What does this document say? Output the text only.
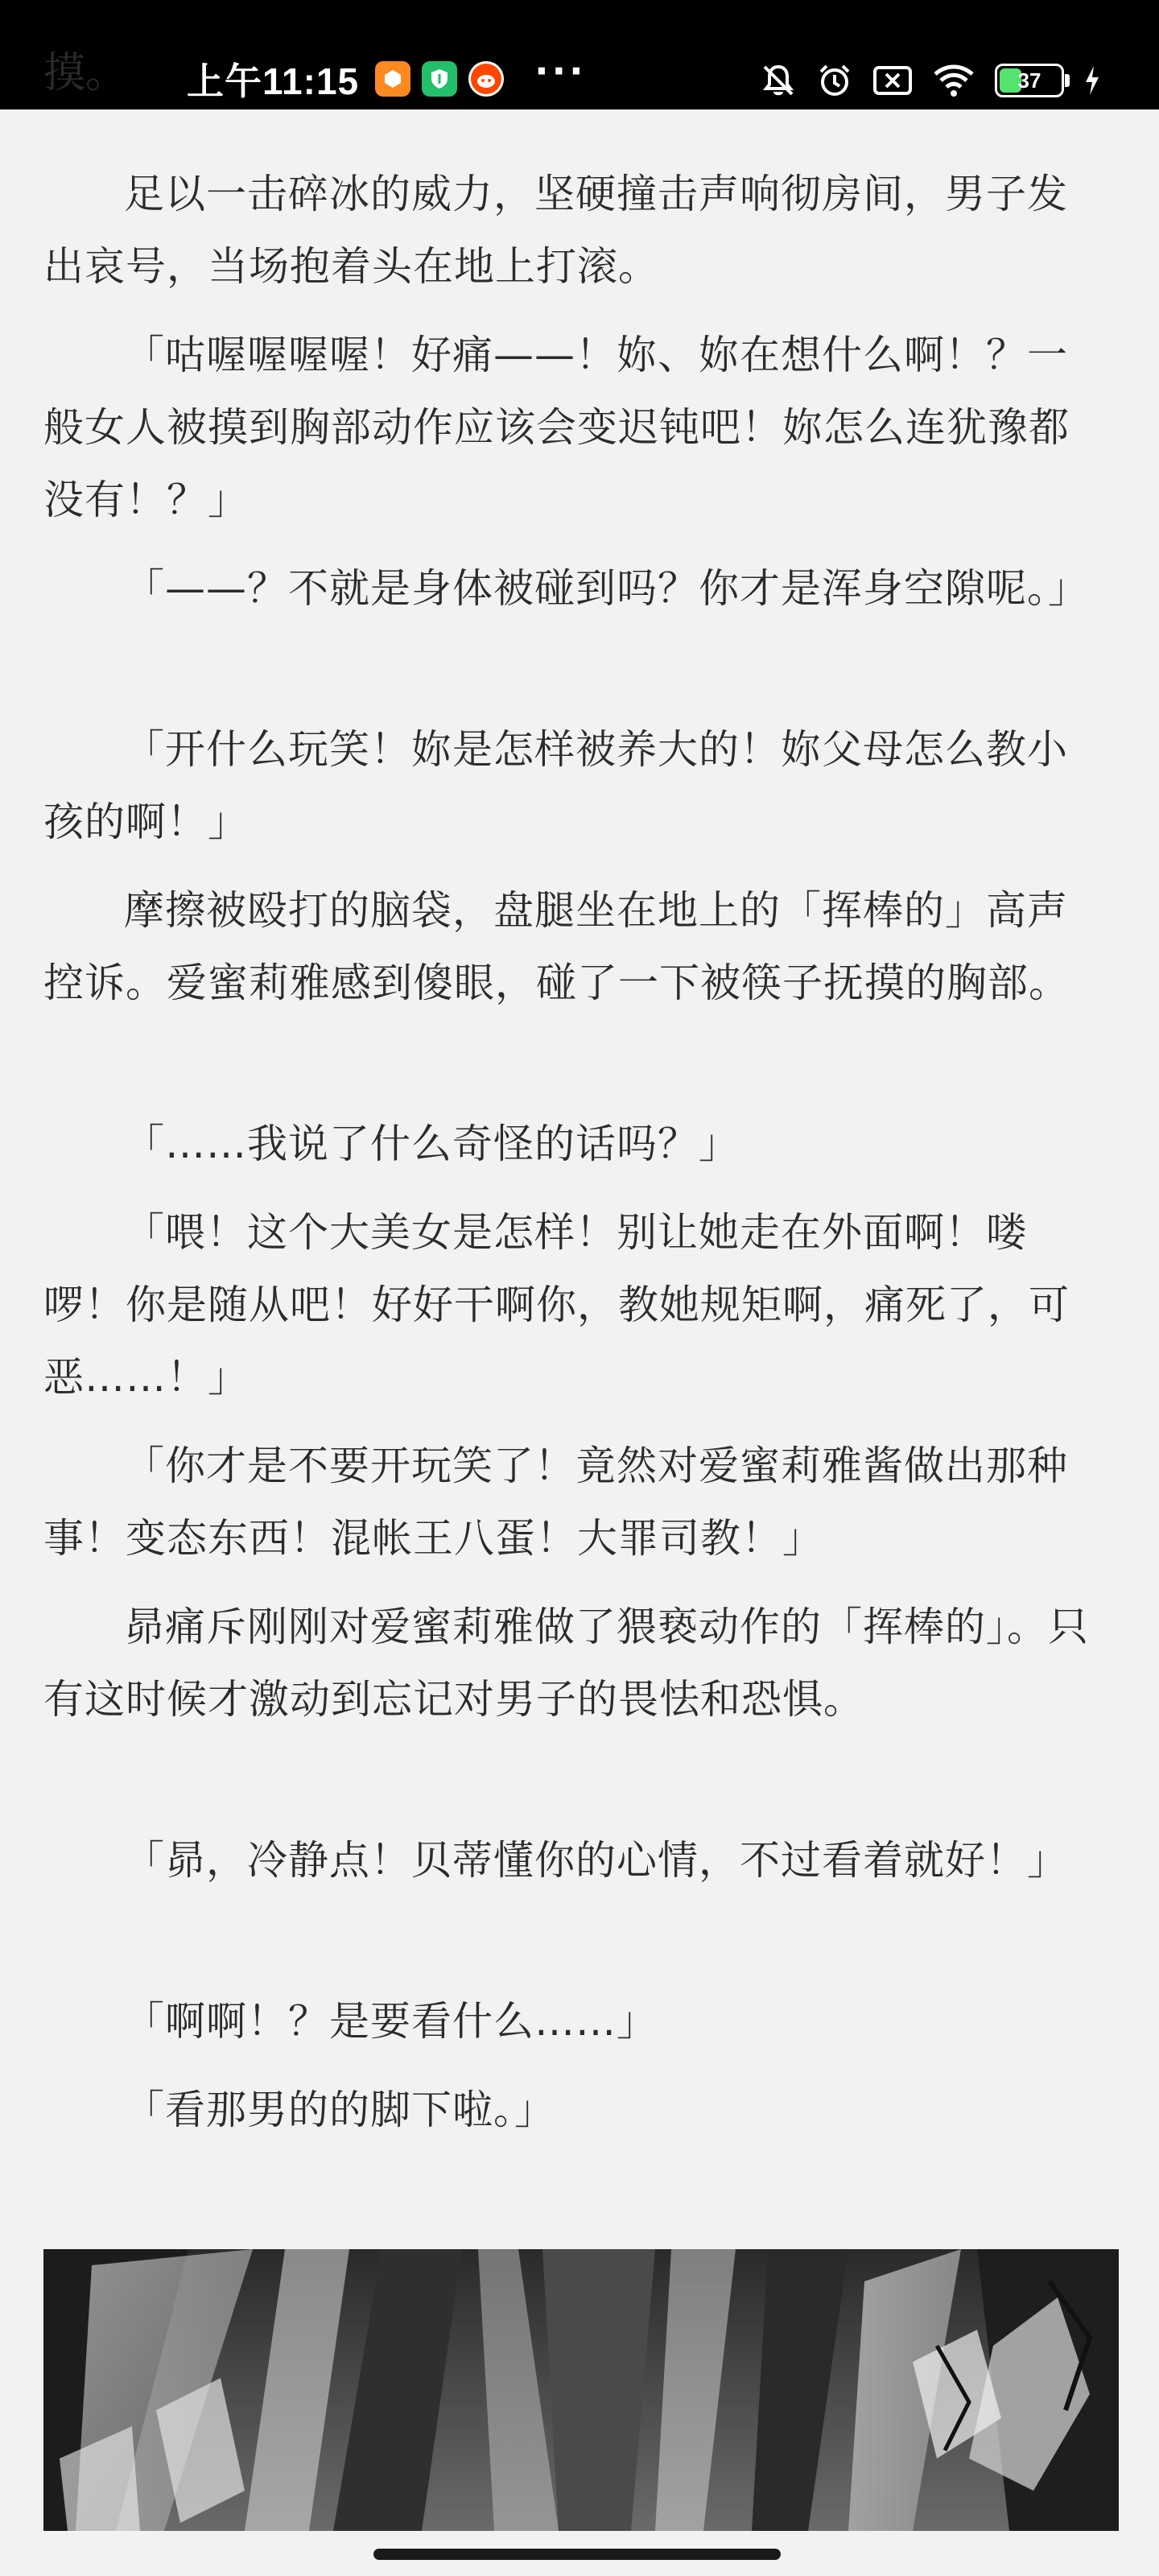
上午11:15	···	37
摸。

足以一击碎冰的威力，坚硬撞击声响彻房间，男子发出哀号，当场抱着头在地上打滚。

「咕喔喔喔喔！好痛——！妳、妳在想什么啊！？一般女人被摸到胸部动作应该会变迟钝吧！妳怎么连犹豫都没有！？」

「——？不就是身体被碰到吗？你才是浑身空隙呢。」

「开什么玩笑！妳是怎样被养大的！妳父母怎么教小孩的啊！」

摩擦被殴打的脑袋，盘腿坐在地上的「挥棒的」高声控诉。爱蜜莉雅感到傻眼，碰了一下被筷子抚摸的胸部。

「……我说了什么奇怪的话吗？」

「喂！这个大美女是怎样！别让她走在外面啊！喽啰！你是随从吧！好好干啊你，教她规矩啊，痛死了，可恶……！」

「你才是不要开玩笑了！竟然对爱蜜莉雅酱做出那种事！变态东西！混帐王八蛋！大罪司教！」

昴痛斥刚刚对爱蜜莉雅做了猥亵动作的「挥棒的」。只有这时候才激动到忘记对男子的畏怯和恐惧。

「昴，冷静点！贝蒂懂你的心情，不过看着就好！」

「啊啊！？是要看什么……」

「看那男的的脚下啦。」
